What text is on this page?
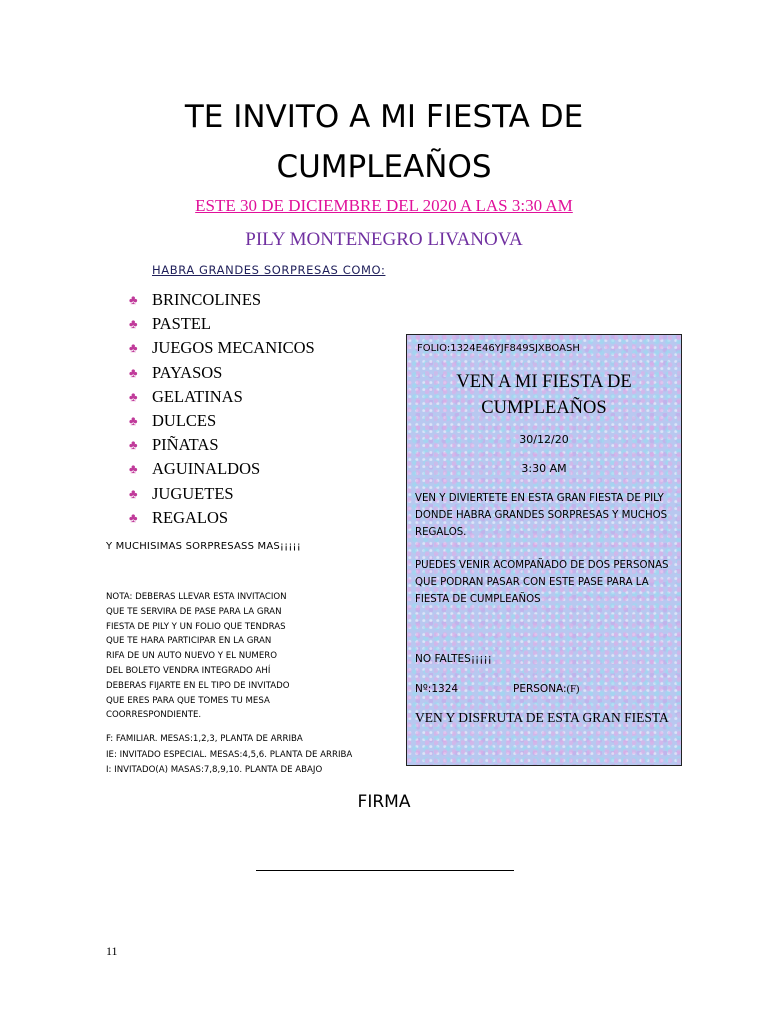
TE INVITO A MI FIESTA DE
CUMPLEAÑOS
ESTE 30 DE DICIEMBRE DEL 2020 A LAS 3:30 AM
PILY MONTENEGRO LIVANOVA
HABRA GRANDES SORPRESAS COMO:
♣ BRINCOLINES
♣ PASTEL
♣ JUEGOS MECANICOS
♣ PAYASOS
♣ GELATINAS
♣ DULCES
♣ PIÑATAS
♣ AGUINALDOS
♣ JUGUETES
♣ REGALOS
Y MUCHISIMAS SORPRESASS MAS¡¡¡¡¡
NOTA: DEBERAS LLEVAR ESTA INVITACION
QUE TE SERVIRA DE PASE PARA LA GRAN
FIESTA DE PILY Y UN FOLIO QUE TENDRAS
QUE TE HARA PARTICIPAR EN LA GRAN
RIFA DE UN AUTO NUEVO Y EL NUMERO
DEL BOLETO VENDRA INTEGRADO AHÍ
DEBERAS FIJARTE EN EL TIPO DE INVITADO
QUE ERES PARA QUE TOMES TU MESA
COORRESPONDIENTE.
F: FAMILIAR. MESAS:1,2,3, PLANTA DE ARRIBA
IE: INVITADO ESPECIAL. MESAS:4,5,6. PLANTA DE ARRIBA
I: INVITADO(A) MASAS:7,8,9,10. PLANTA DE ABAJO
FOLIO:1324E46YJF849SJXBOASH
VEN A MI FIESTA DE
CUMPLEAÑOS
30/12/20
3:30 AM
VEN Y DIVIERTETE EN ESTA GRAN FIESTA DE PILY DONDE HABRA GRANDES SORPRESAS Y MUCHOS REGALOS.
PUEDES VENIR ACOMPAÑADO DE DOS PERSONAS QUE PODRAN PASAR CON ESTE PASE PARA LA FIESTA DE CUMPLEAÑOS
NO FALTES¡¡¡¡¡
Nº:1324	PERSONA:(F)
VEN Y DISFRUTA DE ESTA GRAN FIESTA
FIRMA
11
